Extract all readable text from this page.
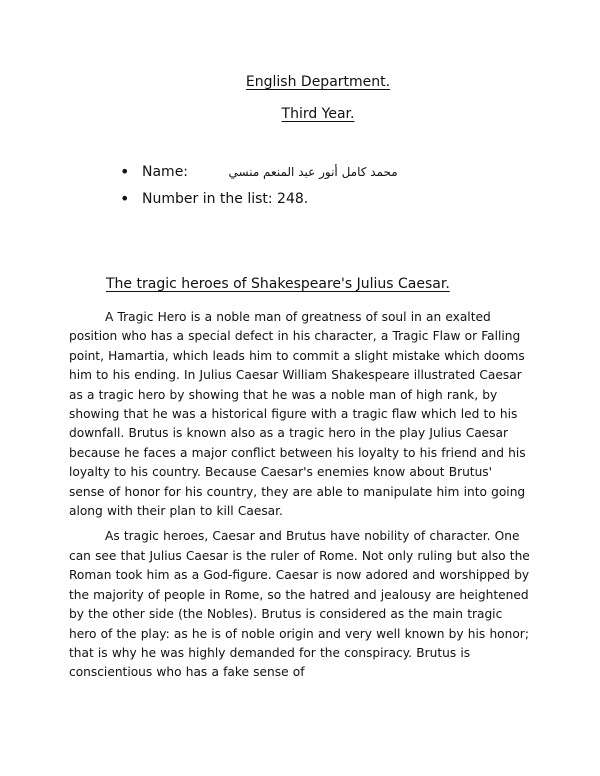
English Department.
Third Year.
• Name:	محمد كامل أنور عبد المنعم منسي
• Number in the list: 248.
The tragic heroes of Shakespeare's Julius Caesar.

A Tragic Hero is a noble man of greatness of soul in an exalted position who has a special defect in his character, a Tragic Flaw or Falling point, Hamartia, which leads him to commit a slight mistake which dooms him to his ending. In Julius Caesar William Shakespeare illustrated Caesar as a tragic hero by showing that he was a noble man of high rank, by showing that he was a historical figure with a tragic flaw which led to his downfall. Brutus is known also as a tragic hero in the play Julius Caesar because he faces a major conflict between his loyalty to his friend and his loyalty to his country. Because Caesar's enemies know about Brutus' sense of honor for his country, they are able to manipulate him into going along with their plan to kill Caesar.

As tragic heroes, Caesar and Brutus have nobility of character. One can see that Julius Caesar is the ruler of Rome. Not only ruling but also the Roman took him as a God-figure. Caesar is now adored and worshipped by the majority of people in Rome, so the hatred and jealousy are heightened by the other side (the Nobles). Brutus is considered as the main tragic hero of the play: as he is of noble origin and very well known by his honor; that is why he was highly demanded for the conspiracy. Brutus is conscientious who has a fake sense of
